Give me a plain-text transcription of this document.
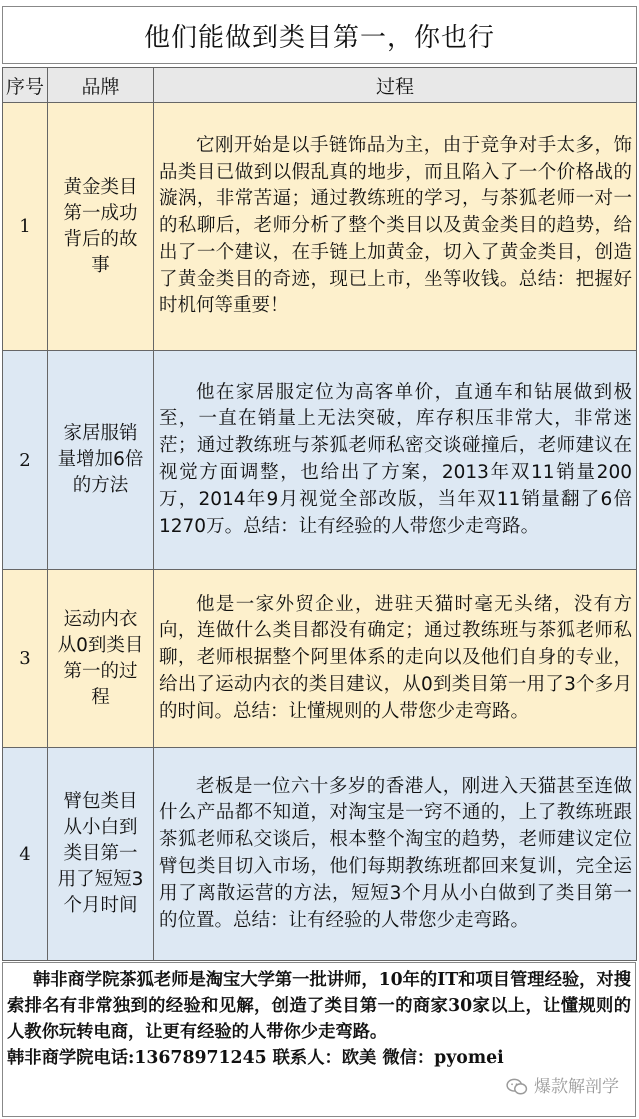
他们能做到类目第一，你也行
序号	品牌	过程
1	黄金类目第一成功背后的故事	它刚开始是以手链饰品为主，由于竞争对手太多，饰品类目已做到以假乱真的地步，而且陷入了一个价格战的漩涡，非常苦逼；通过教练班的学习，与茶狐老师一对一的私聊后，老师分析了整个类目以及黄金类目的趋势，给出了一个建议，在手链上加黄金，切入了黄金类目，创造了黄金类目的奇迹，现已上市，坐等收钱。总结：把握好时机何等重要！
2	家居服销量增加6倍的方法	他在家居服定位为高客单价，直通车和钻展做到极至，一直在销量上无法突破，库存积压非常大，非常迷茫；通过教练班与茶狐老师私密交谈碰撞后，老师建议在视觉方面调整，也给出了方案，2013年双11销量200万，2014年9月视觉全部改版，当年双11销量翻了6倍1270万。总结：让有经验的人带您少走弯路。
3	运动内衣从0到类目第一的过程	他是一家外贸企业，进驻天猫时毫无头绪，没有方向，连做什么类目都没有确定；通过教练班与茶狐老师私聊，老师根据整个阿里体系的走向以及他们自身的专业，给出了运动内衣的类目建议，从0到类目第一用了3个多月的时间。总结：让懂规则的人带您少走弯路。
4	臂包类目从小白到类目第一用了短短3个月时间	老板是一位六十多岁的香港人，刚进入天猫甚至连做什么产品都不知道，对淘宝是一窍不通的，上了教练班跟茶狐老师私交谈后，根本整个淘宝的趋势，老师建议定位臂包类目切入市场，他们每期教练班都回来复训，完全运用了离散运营的方法，短短3个月从小白做到了类目第一的位置。总结：让有经验的人带您少走弯路。
韩非商学院茶狐老师是淘宝大学第一批讲师，10年的IT和项目管理经验，对搜索排名有非常独到的经验和见解，创造了类目第一的商家30家以上，让懂规则的人教你玩转电商，让更有经验的人带你少走弯路。
韩非商学院电话:13678971245 联系人：欧美 微信：pyomei
爆款解剖学
